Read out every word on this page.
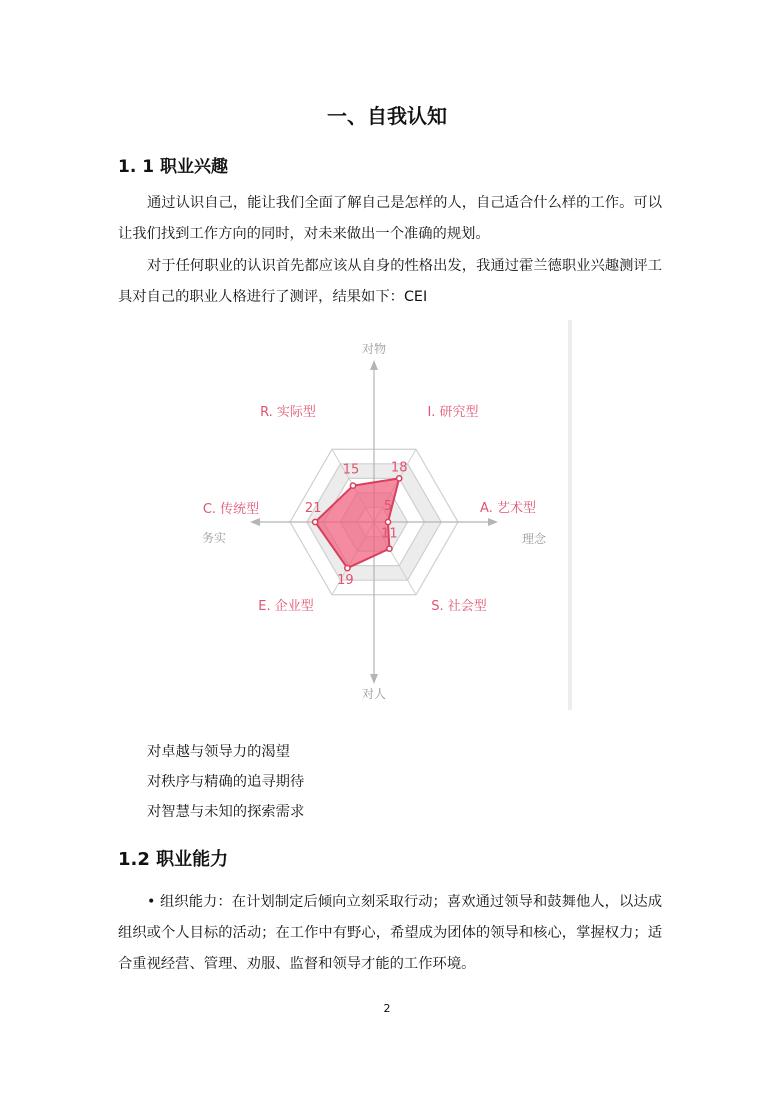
一、自我认知
1. 1 职业兴趣

通过认识自己，能让我们全面了解自己是怎样的人，自己适合什么样的工作。可以让我们找到工作方向的同时，对未来做出一个准确的规划。

对于任何职业的认识首先都应该从自身的性格出发，我通过霍兰德职业兴趣测评工具对自己的职业人格进行了测评，结果如下：CEI

对物
对人
务实	理念
I. 研究型
A. 艺术型
S. 社会型
E. 企业型
C. 传统型
R. 实际型
18
5
11
19
21
15
对卓越与领导力的渴望
对秩序与精确的追寻期待
对智慧与未知的探索需求
1.2 职业能力

• 组织能力：在计划制定后倾向立刻采取行动；喜欢通过领导和鼓舞他人，以达成组织或个人目标的活动；在工作中有野心，希望成为团体的领导和核心，掌握权力；适合重视经营、管理、劝服、监督和领导才能的工作环境。

2
